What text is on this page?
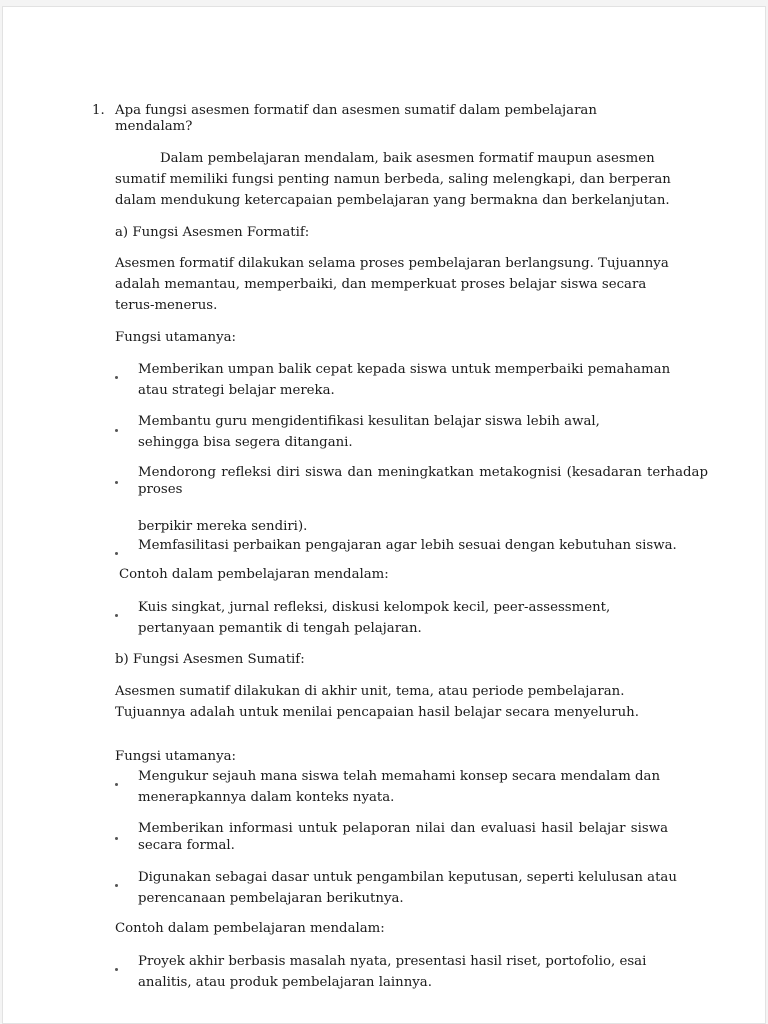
1. Apa fungsi asesmen formatif dan asesmen sumatif dalam pembelajaran mendalam?

Dalam pembelajaran mendalam, baik asesmen formatif maupun asesmen sumatif memiliki fungsi penting namun berbeda, saling melengkapi, dan berperan dalam mendukung ketercapaian pembelajaran yang bermakna dan berkelanjutan.

a) Fungsi Asesmen Formatif:

Asesmen formatif dilakukan selama proses pembelajaran berlangsung. Tujuannya adalah memantau, memperbaiki, dan memperkuat proses belajar siswa secara terus-menerus.

Fungsi utamanya:

Memberikan umpan balik cepat kepada siswa untuk memperbaiki pemahaman atau strategi belajar mereka.

Membantu guru mengidentifikasi kesulitan belajar siswa lebih awal, sehingga bisa segera ditangani.

Mendorong refleksi diri siswa dan meningkatkan metakognisi (kesadaran terhadap proses

berpikir mereka sendiri).

Memfasilitasi perbaikan pengajaran agar lebih sesuai dengan kebutuhan siswa.

Contoh dalam pembelajaran mendalam:

Kuis singkat, jurnal refleksi, diskusi kelompok kecil, peer-assessment, pertanyaan pemantik di tengah pelajaran.

b) Fungsi Asesmen Sumatif:

Asesmen sumatif dilakukan di akhir unit, tema, atau periode pembelajaran. Tujuannya adalah untuk menilai pencapaian hasil belajar secara menyeluruh.

Fungsi utamanya:

Mengukur sejauh mana siswa telah memahami konsep secara mendalam dan menerapkannya dalam konteks nyata.

Memberikan informasi untuk pelaporan nilai dan evaluasi hasil belajar siswa secara formal.

Digunakan sebagai dasar untuk pengambilan keputusan, seperti kelulusan atau perencanaan pembelajaran berikutnya.

Contoh dalam pembelajaran mendalam:

Proyek akhir berbasis masalah nyata, presentasi hasil riset, portofolio, esai analitis, atau produk pembelajaran lainnya.
